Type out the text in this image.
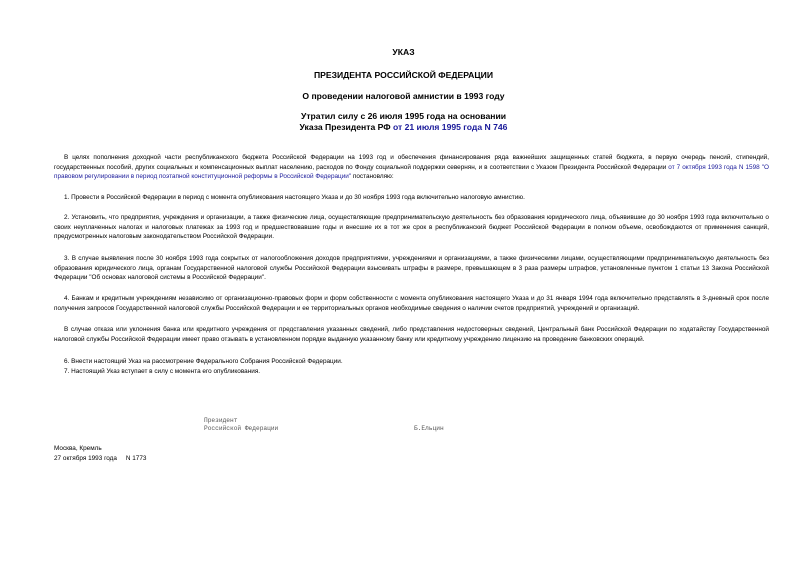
УКАЗ
ПРЕЗИДЕНТА РОССИЙСКОЙ ФЕДЕРАЦИИ
О проведении налоговой амнистии в 1993 году
Утратил силу с 26 июля 1995 года на основании
Указа Президента РФ от 21 июля 1995 года N 746
В целях пополнения доходной части республиканского бюджета Российской Федерации на 1993 год и обеспечения финансирования ряда важнейших защищенных статей бюджета, в первую очередь пенсий, стипендий, государственных пособий, других социальных и компенсационных выплат населению, расходов по Фонду социальной поддержки севернян, и в соответствии с Указом Президента Российской Федерации от 7 октября 1993 года N 1598 "О правовом регулировании в период поэтапной конституционной реформы в Российской Федерации" постановляю:
1. Провести в Российской Федерации в период с момента опубликования настоящего Указа и до 30 ноября 1993 года включительно налоговую амнистию.
2. Установить, что предприятия, учреждения и организации, а также физические лица, осуществляющие предпринимательскую деятельность без образования юридического лица, объявившие до 30 ноября 1993 года включительно о своих неуплаченных налогах и налоговых платежах за 1993 год и предшествовавшие годы и внесшие их в тот же срок в республиканский бюджет Российской Федерации в полном объеме, освобождаются от применения санкций, предусмотренных налоговым законодательством Российской Федерации.
3. В случае выявления после 30 ноября 1993 года сокрытых от налогообложения доходов предприятиями, учреждениями и организациями, а также физическими лицами, осуществляющими предпринимательскую деятельность без образования юридического лица, органам Государственной налоговой службы Российской Федерации взыскивать штрафы в размере, превышающем в 3 раза размеры штрафов, установленные пунктом 1 статьи 13 Закона Российской Федерации "Об основах налоговой системы в Российской Федерации".
4. Банкам и кредитным учреждениям независимо от организационно-правовых форм и форм собственности с момента опубликования настоящего Указа и до 31 января 1994 года включительно представлять в 3-дневный срок после получения запросов Государственной налоговой службы Российской Федерации и ее территориальных органов необходимые сведения о наличии счетов предприятий, учреждений и организаций.
В случае отказа или уклонения банка или кредитного учреждения от представления указанных сведений, либо представления недостоверных сведений, Центральный банк Российской Федерации по ходатайству Государственной налоговой службы Российской Федерации имеет право отзывать в установленном порядке выданную указанному банку или кредитному учреждению лицензию на проведение банковских операций.
6. Внести настоящий Указ на рассмотрение Федерального Собрания Российской Федерации.
7. Настоящий Указ вступает в силу с момента его опубликования.
Президент
Российской Федерации	Б.Ельцин
Москва, Кремль
27 октября 1993 года     N 1773
